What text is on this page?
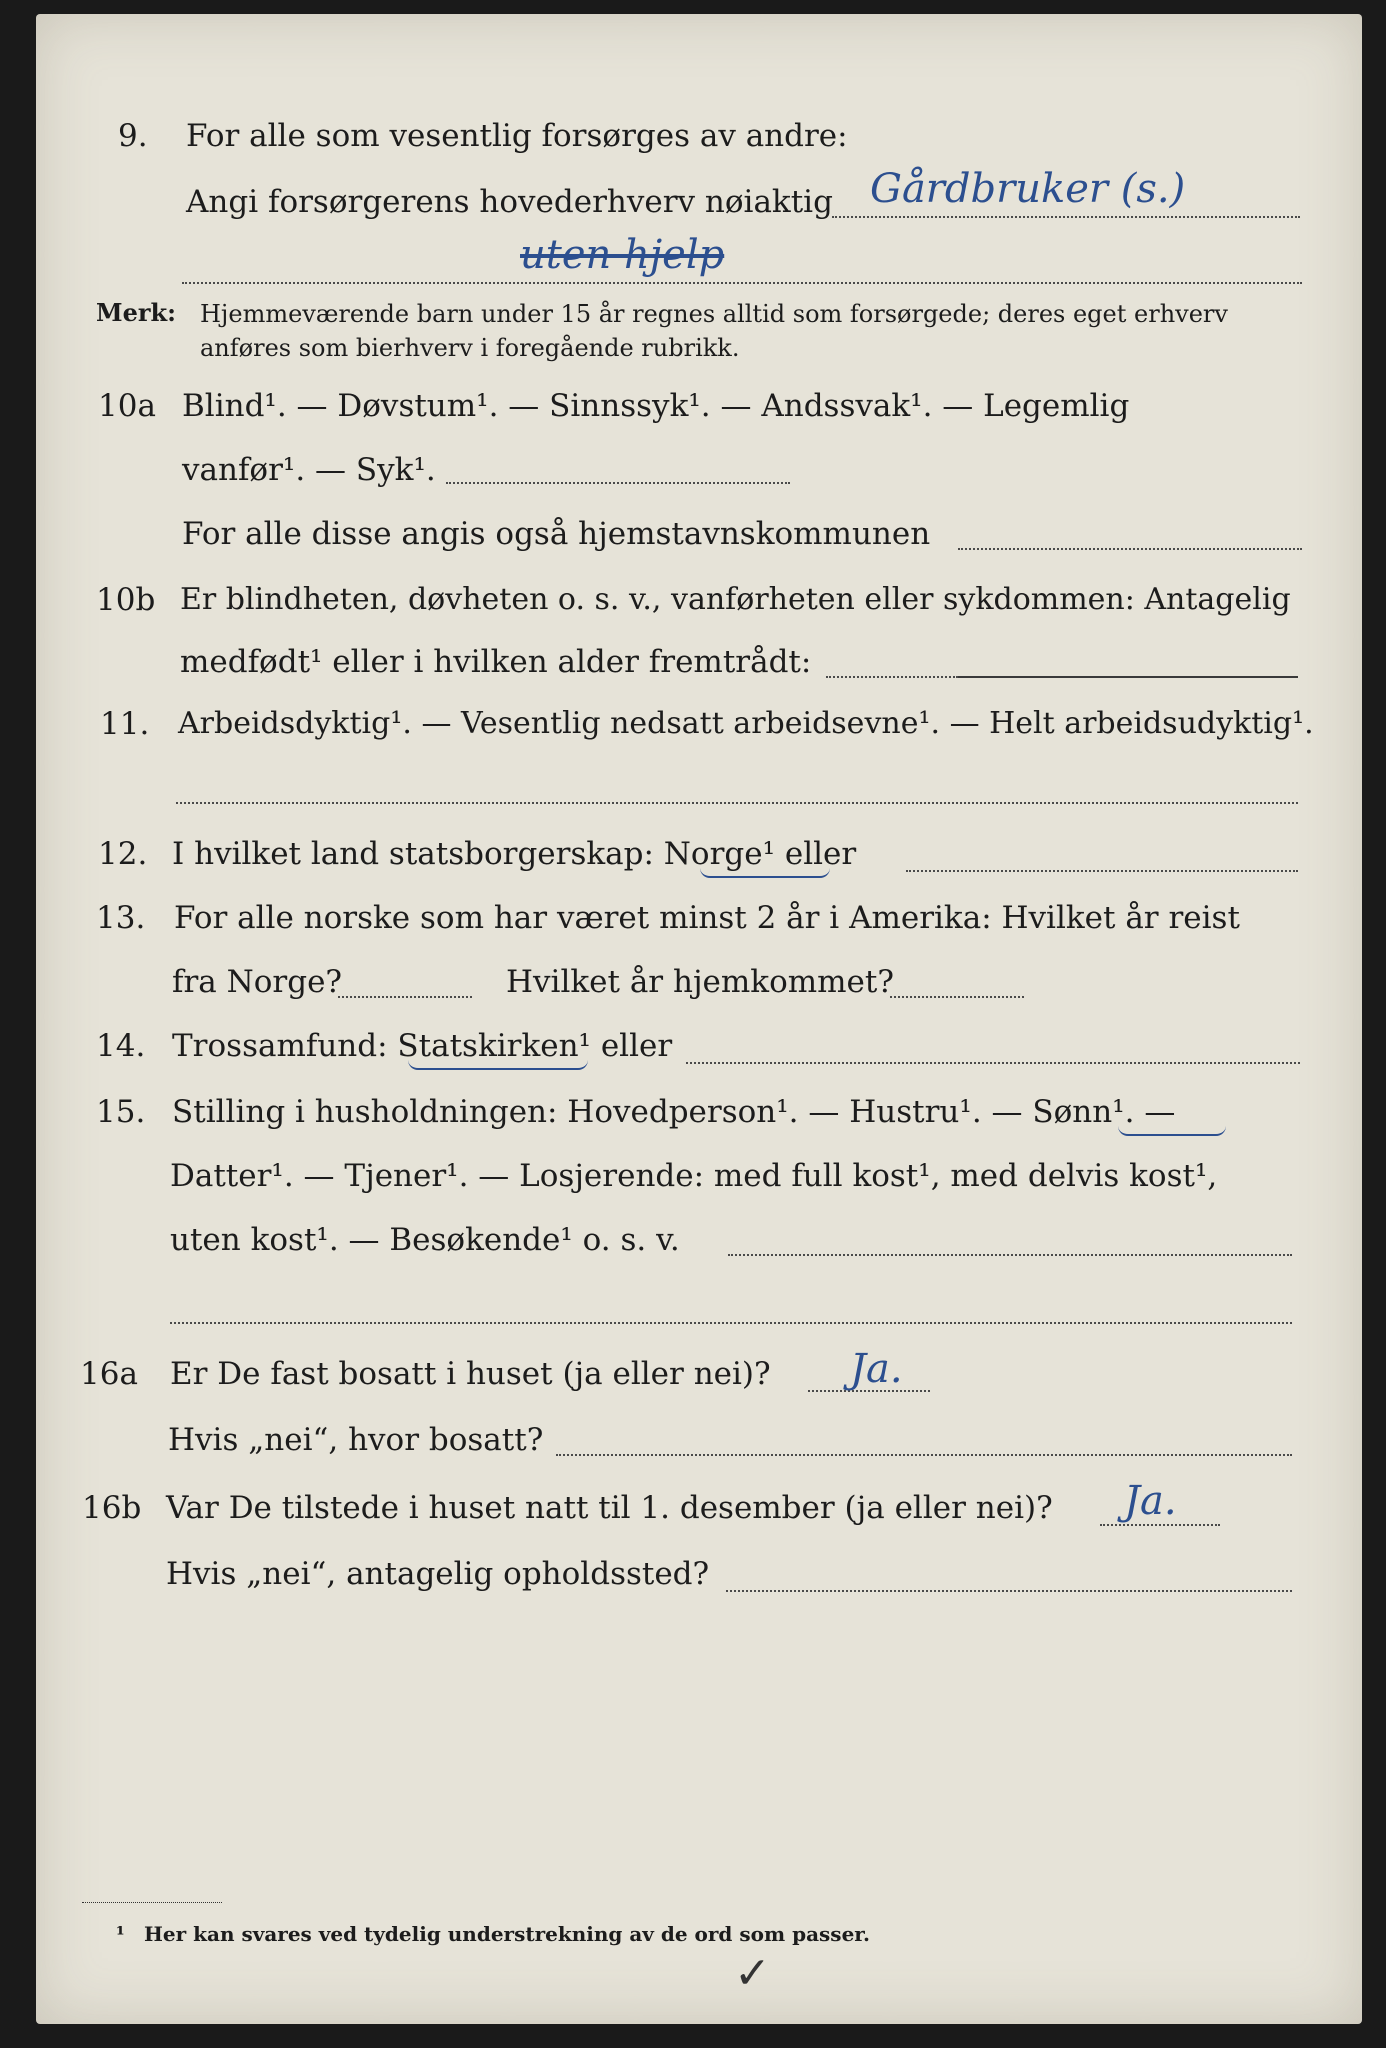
9. For alle som vesentlig forsørges av andre:
Angi forsørgerens hovederhverv nøiaktig Gårdbruker (s.)
uten hjelp
Merk: Hjemmeværende barn under 15 år regnes alltid som forsørgede; deres eget erhverv
anføres som bierhverv i foregående rubrikk.
10a Blind¹. — Døvstum¹. — Sinnssyk¹. — Andssvak¹. — Legemlig
vanfør¹. — Syk¹.
For alle disse angis også hjemstavnskommunen
10b Er blindheten, døvheten o. s. v., vanførheten eller sykdommen: Antagelig
medfødt¹ eller i hvilken alder fremtrådt:
11. Arbeidsdyktig¹. — Vesentlig nedsatt arbeidsevne¹. — Helt arbeidsudyktig¹.
12. I hvilket land statsborgerskap: Norge¹ eller
13. For alle norske som har været minst 2 år i Amerika: Hvilket år reist
fra Norge?	Hvilket år hjemkommet?
14. Trossamfund: Statskirken¹ eller
15. Stilling i husholdningen: Hovedperson¹. — Hustru¹. — Sønn¹. —
Datter¹. — Tjener¹. — Losjerende: med full kost¹, med delvis kost¹,
uten kost¹. — Besøkende¹ o. s. v.
16a Er De fast bosatt i huset (ja eller nei)? Ja.
Hvis „nei“, hvor bosatt?
16b Var De tilstede i huset natt til 1. desember (ja eller nei)? Ja.
Hvis „nei“, antagelig opholdssted?
¹ Her kan svares ved tydelig understrekning av de ord som passer.
✓
